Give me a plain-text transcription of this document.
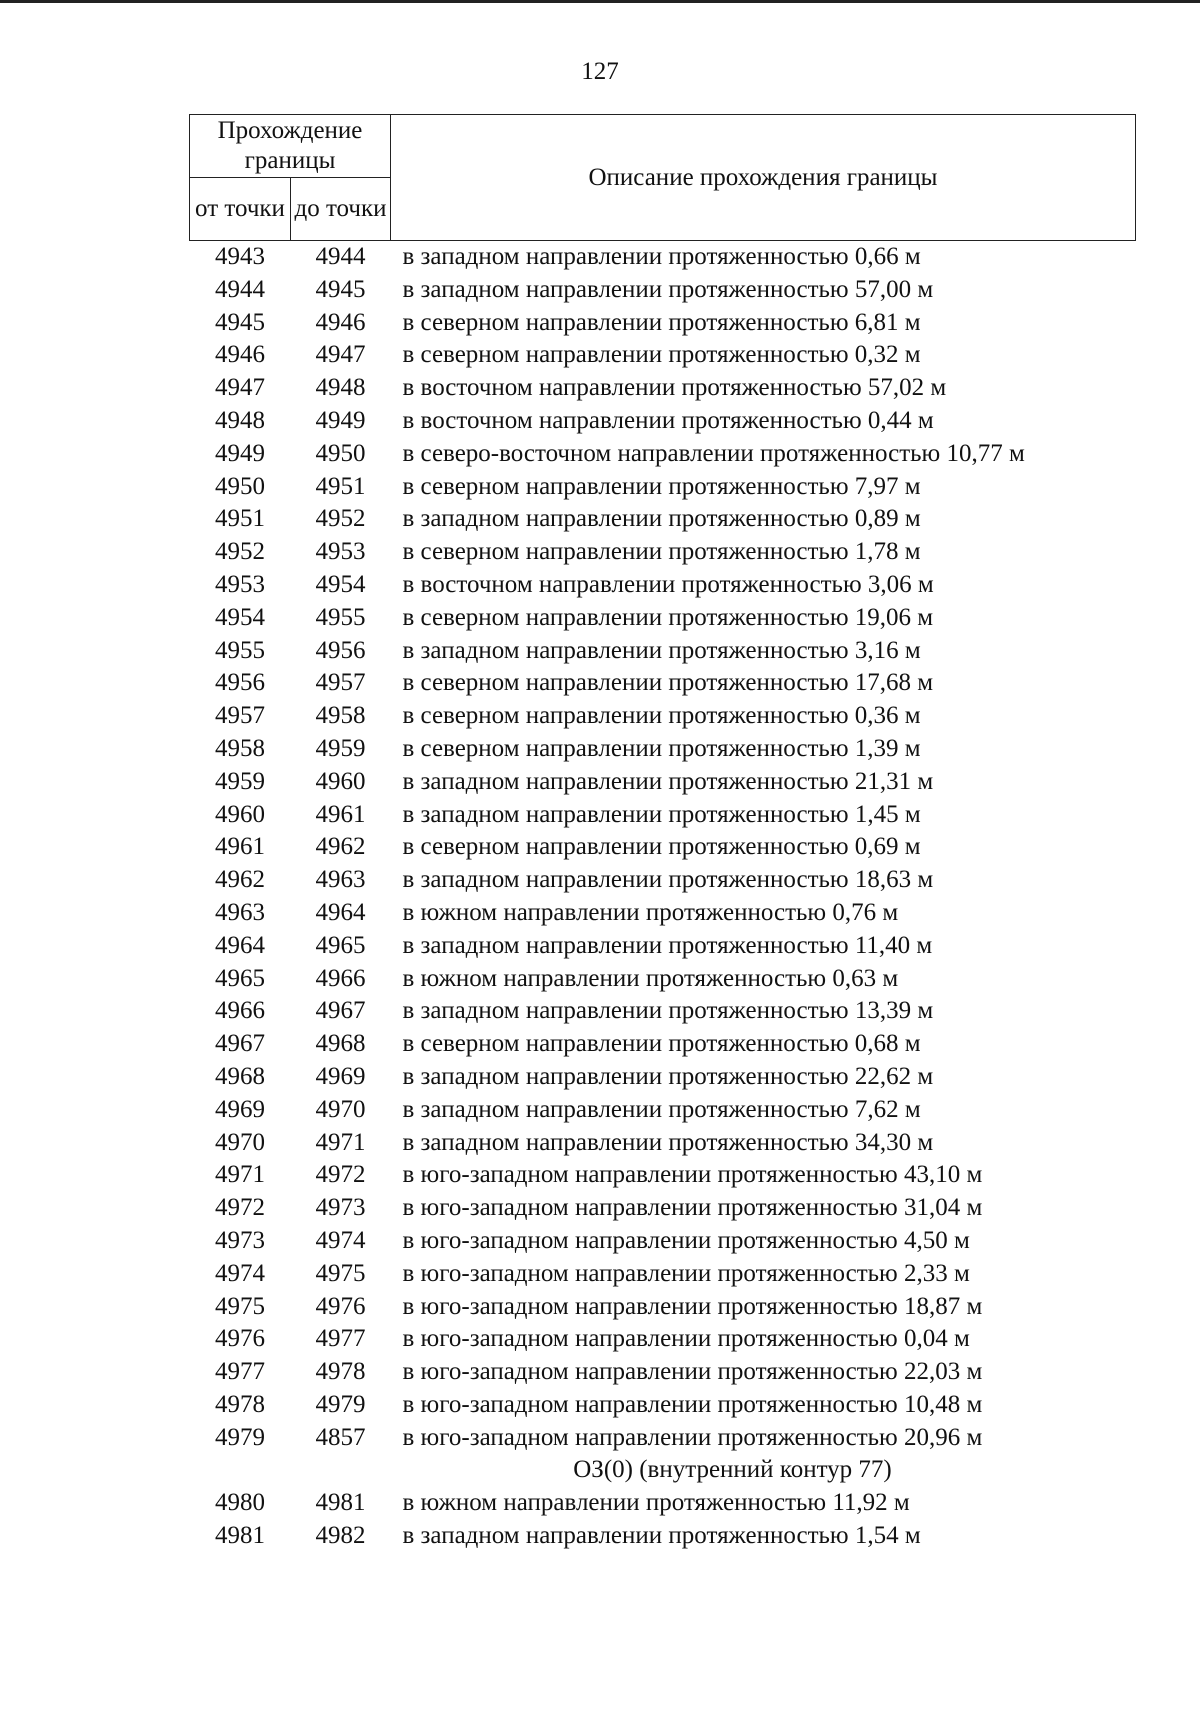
127
Прохождение границы		Описание прохождения границы
от точки	до точки	
4943	4944	в западном направлении протяженностью 0,66 м
4944	4945	в западном направлении протяженностью 57,00 м
4945	4946	в северном направлении протяженностью 6,81 м
4946	4947	в северном направлении протяженностью 0,32 м
4947	4948	в восточном направлении протяженностью 57,02 м
4948	4949	в восточном направлении протяженностью 0,44 м
4949	4950	в северо-восточном направлении протяженностью 10,77 м
4950	4951	в северном направлении протяженностью 7,97 м
4951	4952	в западном направлении протяженностью 0,89 м
4952	4953	в северном направлении протяженностью 1,78 м
4953	4954	в восточном направлении протяженностью 3,06 м
4954	4955	в северном направлении протяженностью 19,06 м
4955	4956	в западном направлении протяженностью 3,16 м
4956	4957	в северном направлении протяженностью 17,68 м
4957	4958	в северном направлении протяженностью 0,36 м
4958	4959	в северном направлении протяженностью 1,39 м
4959	4960	в западном направлении протяженностью 21,31 м
4960	4961	в западном направлении протяженностью 1,45 м
4961	4962	в северном направлении протяженностью 0,69 м
4962	4963	в западном направлении протяженностью 18,63 м
4963	4964	в южном направлении протяженностью 0,76 м
4964	4965	в западном направлении протяженностью 11,40 м
4965	4966	в южном направлении протяженностью 0,63 м
4966	4967	в западном направлении протяженностью 13,39 м
4967	4968	в северном направлении протяженностью 0,68 м
4968	4969	в западном направлении протяженностью 22,62 м
4969	4970	в западном направлении протяженностью 7,62 м
4970	4971	в западном направлении протяженностью 34,30 м
4971	4972	в юго-западном направлении протяженностью 43,10 м
4972	4973	в юго-западном направлении протяженностью 31,04 м
4973	4974	в юго-западном направлении протяженностью 4,50 м
4974	4975	в юго-западном направлении протяженностью 2,33 м
4975	4976	в юго-западном направлении протяженностью 18,87 м
4976	4977	в юго-западном направлении протяженностью 0,04 м
4977	4978	в юго-западном направлении протяженностью 22,03 м
4978	4979	в юго-западном направлении протяженностью 10,48 м
4979	4857	в юго-западном направлении протяженностью 20,96 м
ОЗ(0) (внутренний контур 77)		
4980	4981	в южном направлении протяженностью 11,92 м
4981	4982	в западном направлении протяженностью 1,54 м
